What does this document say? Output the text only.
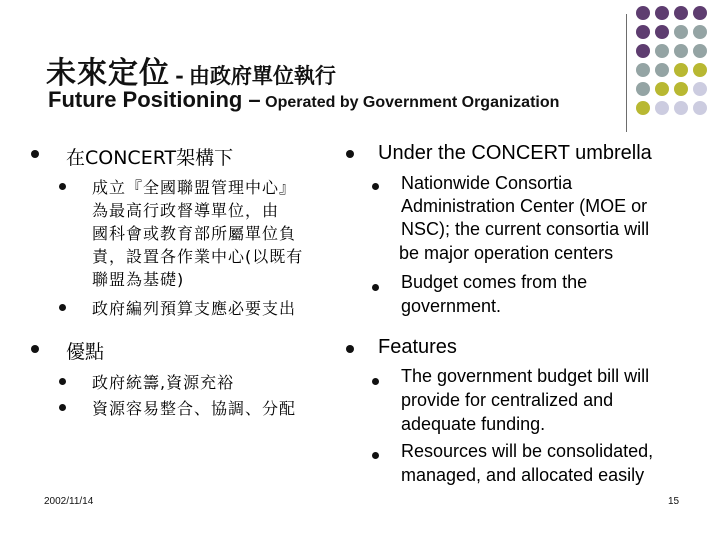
未來定位 - 由政府單位執行
Future Positioning – Operated by Government Organization
在CONCERT架構下
成立『全國聯盟管理中心』
為最高行政督導單位，由
國科會或教育部所屬單位負
責，設置各作業中心(以既有
聯盟為基礎)
政府編列預算支應必要支出
優點
政府統籌,資源充裕
資源容易整合、協調、分配
Under the CONCERT umbrella
Nationwide Consortia
Administration Center (MOE or
NSC); the current consortia will
be major operation centers
Budget comes from the
government.
Features
The government budget bill will
provide for centralized and
adequate funding.
Resources will be consolidated,
managed, and allocated easily
2002/11/14	15
